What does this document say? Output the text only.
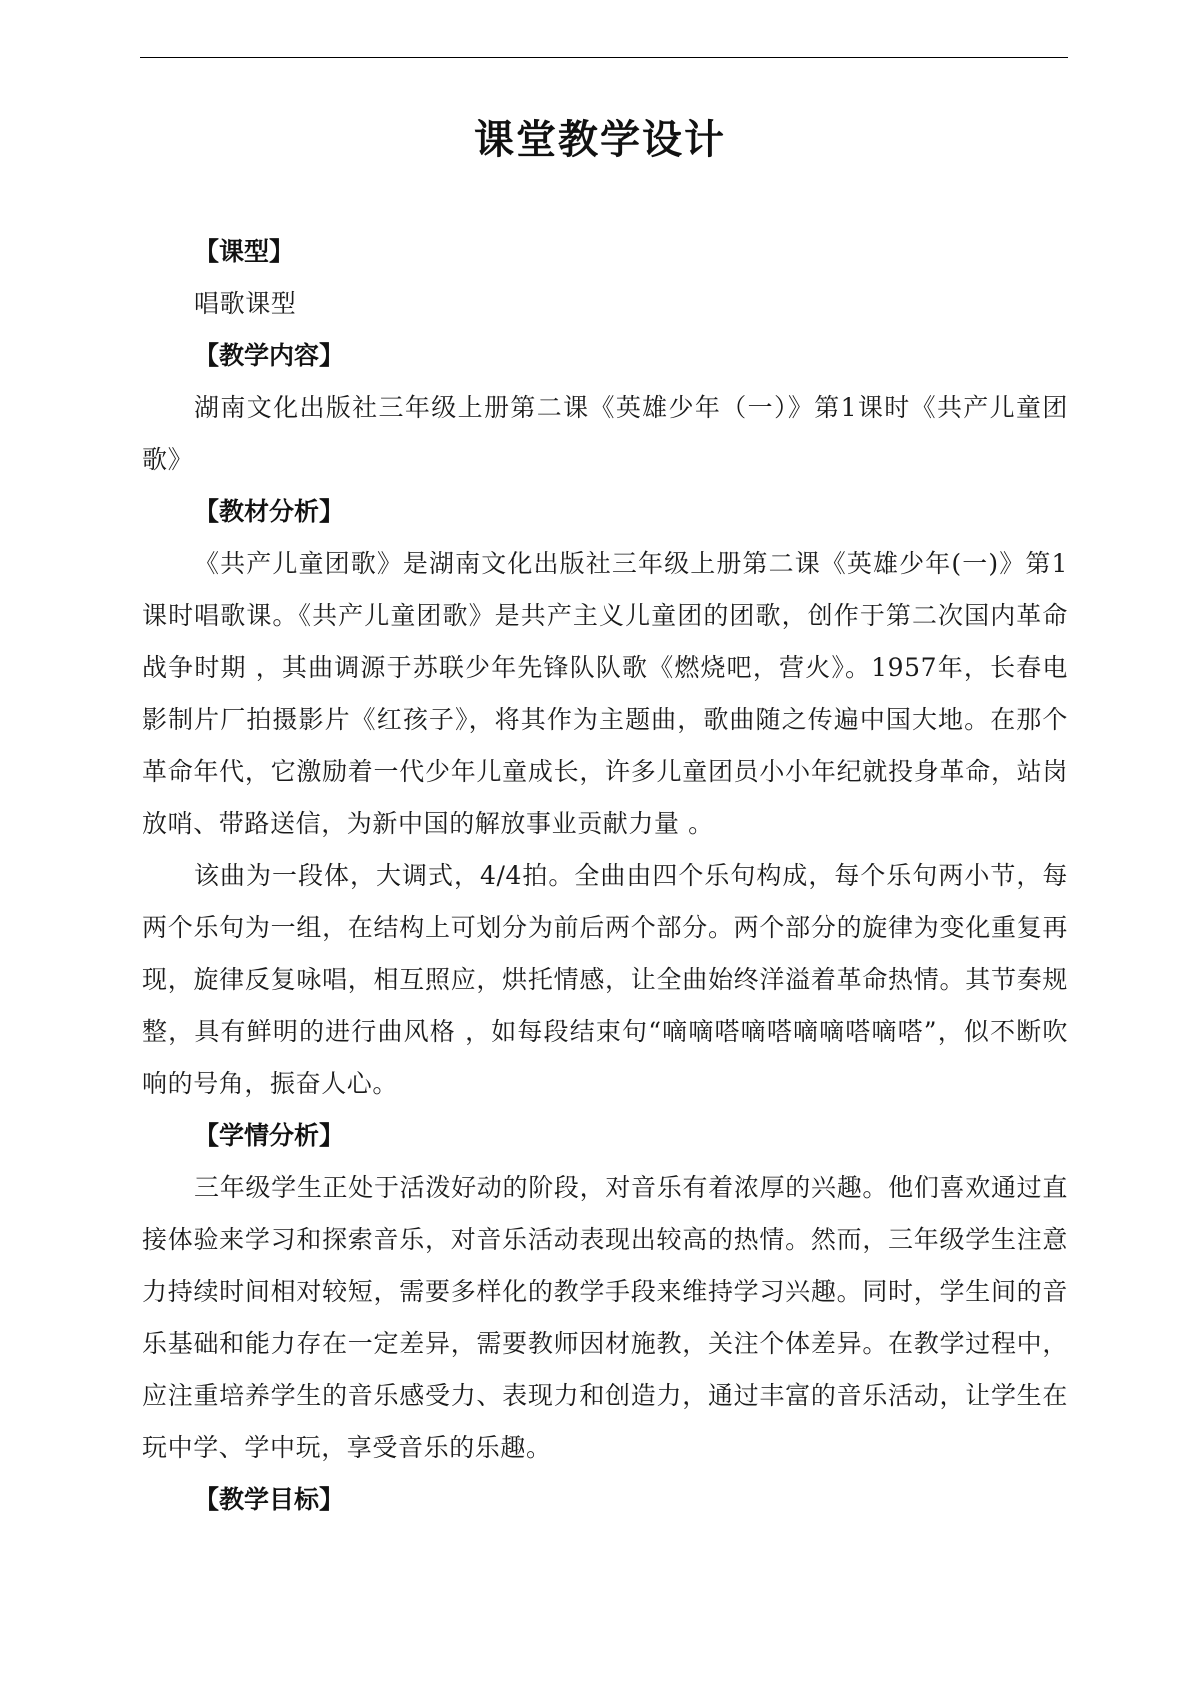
课堂教学设计
【课型】

唱歌课型

【教学内容】

湖南文化出版社三年级上册第二课《英雄少年（一）》第1课时《共产儿童团歌》

【教材分析】

《共产儿童团歌》是湖南文化出版社三年级上册第二课《英雄少年(一)》第1课时唱歌课。《共产儿童团歌》是共产主义儿童团的团歌，创作于第二次国内革命战争时期 ，其曲调源于苏联少年先锋队队歌《燃烧吧，营火》。1957年，长春电影制片厂拍摄影片《红孩子》，将其作为主题曲，歌曲随之传遍中国大地。在那个革命年代，它激励着一代少年儿童成长，许多儿童团员小小年纪就投身革命，站岗放哨、带路送信，为新中国的解放事业贡献力量 。

该曲为一段体，大调式，4/4拍。全曲由四个乐句构成，每个乐句两小节，每两个乐句为一组，在结构上可划分为前后两个部分。两个部分的旋律为变化重复再现，旋律反复咏唱，相互照应，烘托情感，让全曲始终洋溢着革命热情。其节奏规整，具有鲜明的进行曲风格 ，如每段结束句“嘀嘀嗒嘀嗒嘀嘀嗒嘀嗒”，似不断吹响的号角，振奋人心。

【学情分析】

三年级学生正处于活泼好动的阶段，对音乐有着浓厚的兴趣。他们喜欢通过直接体验来学习和探索音乐，对音乐活动表现出较高的热情。然而，三年级学生注意力持续时间相对较短，需要多样化的教学手段来维持学习兴趣。同时，学生间的音乐基础和能力存在一定差异，需要教师因材施教，关注个体差异。在教学过程中，应注重培养学生的音乐感受力、表现力和创造力，通过丰富的音乐活动，让学生在玩中学、学中玩，享受音乐的乐趣。

【教学目标】
